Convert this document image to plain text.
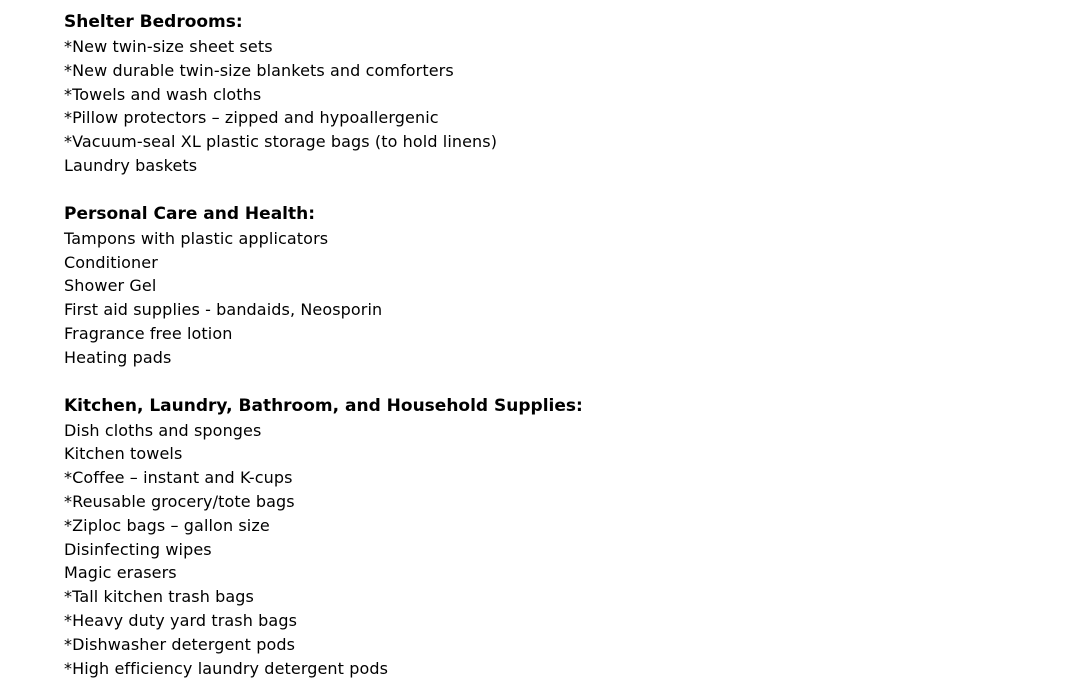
Shelter Bedrooms:
*New twin-size sheet sets
*New durable twin-size blankets and comforters
*Towels and wash cloths
*Pillow protectors – zipped and hypoallergenic
*Vacuum-seal XL plastic storage bags (to hold linens)
Laundry baskets
Personal Care and Health:
Tampons with plastic applicators
Conditioner
Shower Gel
First aid supplies - bandaids, Neosporin
Fragrance free lotion
Heating pads
Kitchen, Laundry, Bathroom, and Household Supplies:
Dish cloths and sponges
Kitchen towels
*Coffee – instant and K-cups
*Reusable grocery/tote bags
*Ziploc bags – gallon size
Disinfecting wipes
Magic erasers
*Tall kitchen trash bags
*Heavy duty yard trash bags
*Dishwasher detergent pods
*High efficiency laundry detergent pods
